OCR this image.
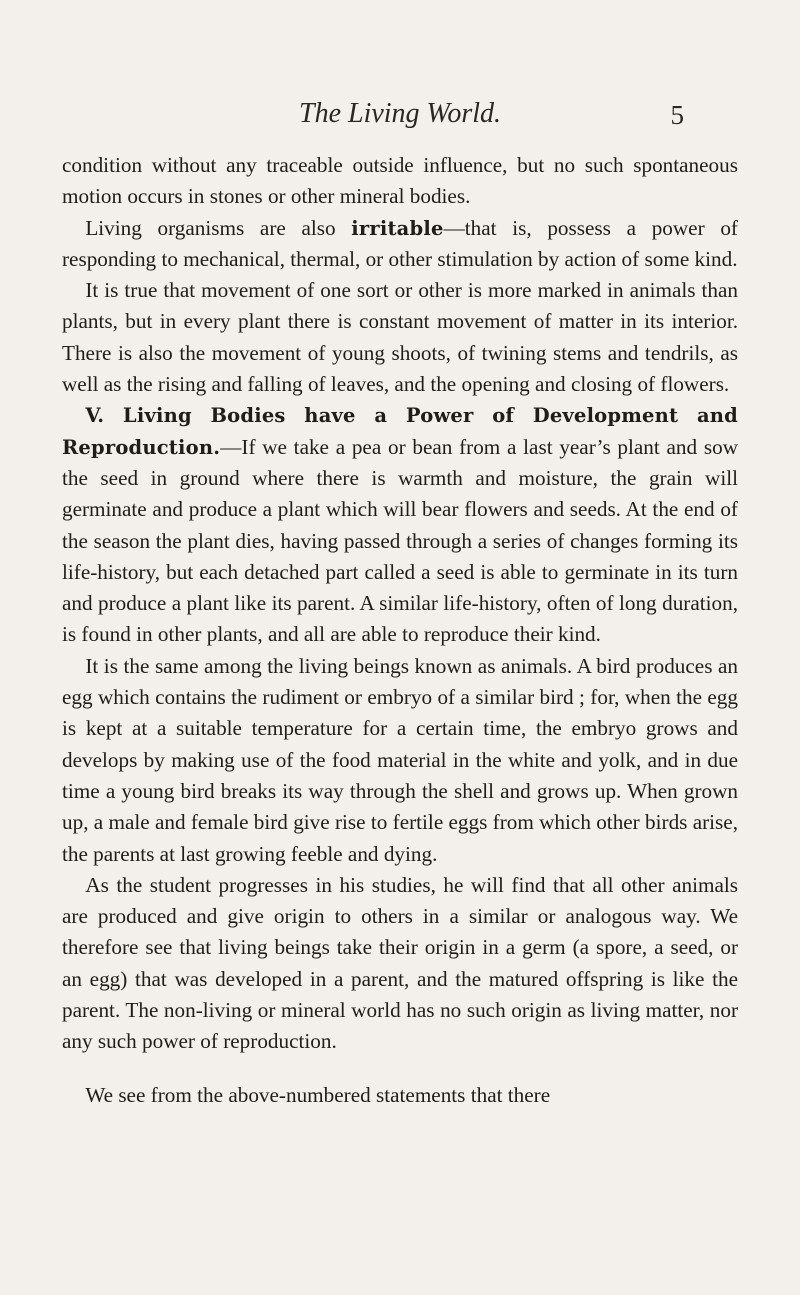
The Living World.	5

condition without any traceable outside influence, but no such spontaneous motion occurs in stones or other mineral bodies.

Living organisms are also irritable—that is, possess a power of responding to mechanical, thermal, or other stimulation by action of some kind.

It is true that movement of one sort or other is more marked in animals than plants, but in every plant there is constant movement of matter in its interior. There is also the movement of young shoots, of twining stems and tendrils, as well as the rising and falling of leaves, and the opening and closing of flowers.

V. Living Bodies have a Power of Development and Reproduction.—If we take a pea or bean from a last year’s plant and sow the seed in ground where there is warmth and moisture, the grain will germinate and produce a plant which will bear flowers and seeds. At the end of the season the plant dies, having passed through a series of changes forming its life-history, but each detached part called a seed is able to germinate in its turn and produce a plant like its parent. A similar life-history, often of long duration, is found in other plants, and all are able to reproduce their kind.

It is the same among the living beings known as animals. A bird produces an egg which contains the rudiment or embryo of a similar bird ; for, when the egg is kept at a suitable temperature for a certain time, the embryo grows and develops by making use of the food material in the white and yolk, and in due time a young bird breaks its way through the shell and grows up. When grown up, a male and female bird give rise to fertile eggs from which other birds arise, the parents at last growing feeble and dying.

As the student progresses in his studies, he will find that all other animals are produced and give origin to others in a similar or analogous way. We therefore see that living beings take their origin in a germ (a spore, a seed, or an egg) that was developed in a parent, and the matured offspring is like the parent. The non-living or mineral world has no such origin as living matter, nor any such power of reproduction.

We see from the above-numbered statements that there
